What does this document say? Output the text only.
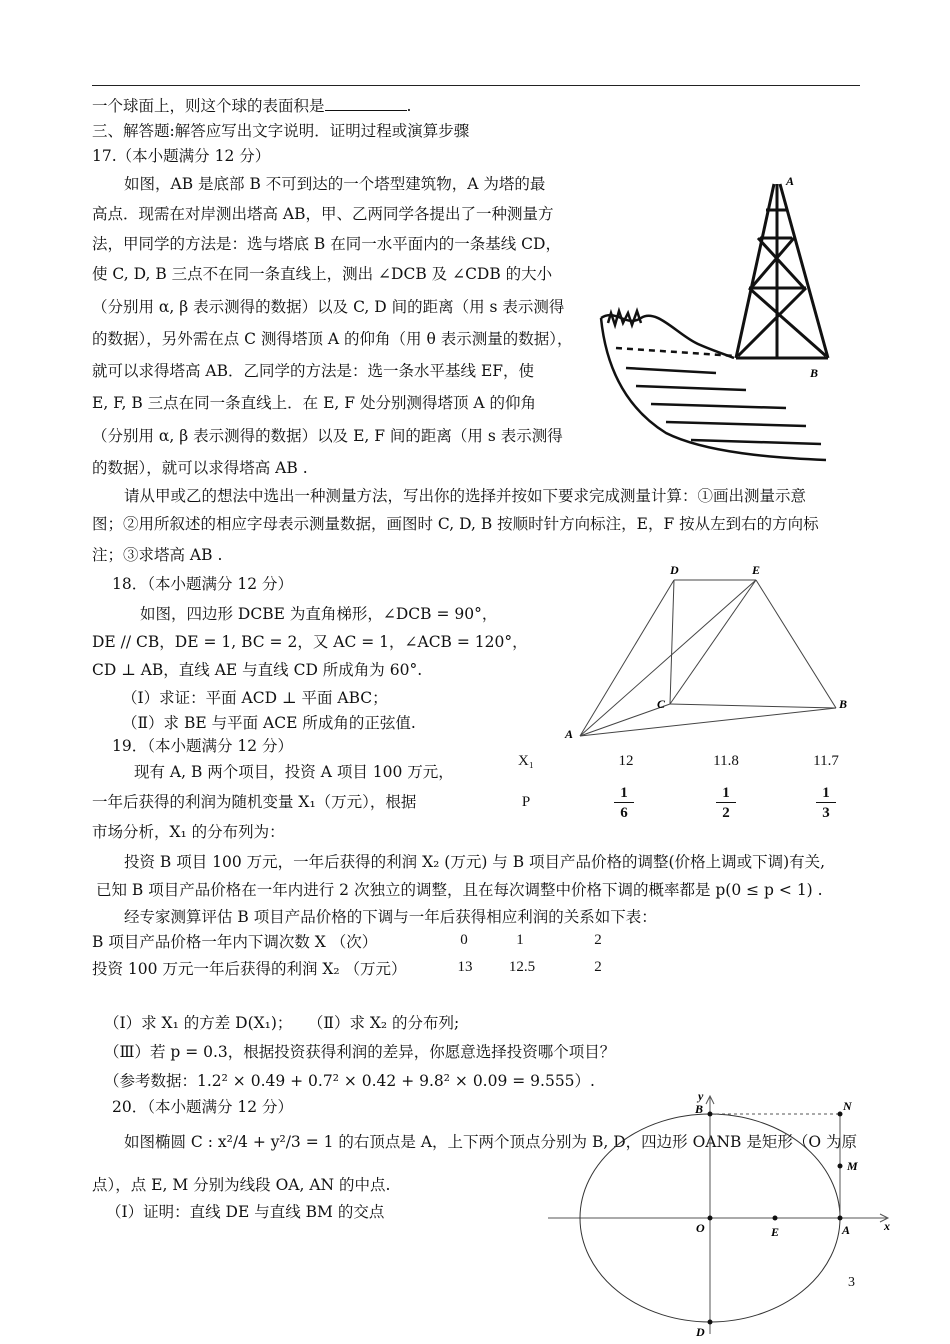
一个球面上，则这个球的表面积是	.
三、解答题:解答应写出文字说明．证明过程或演算步骤
17.（本小题满分 12 分）
如图，AB 是底部 B 不可到达的一个塔型建筑物，A 为塔的最
高点．现需在对岸测出塔高 AB，甲、乙两同学各提出了一种测量方
法，甲同学的方法是：选与塔底 B 在同一水平面内的一条基线 CD，
使 C, D, B 三点不在同一条直线上，测出 ∠DCB 及 ∠CDB 的大小
（分别用 α, β 表示测得的数据）以及 C, D 间的距离（用 s 表示测得
的数据），另外需在点 C 测得塔顶 A 的仰角（用 θ 表示测量的数据），
就可以求得塔高 AB．乙同学的方法是：选一条水平基线 EF，使
E, F, B 三点在同一条直线上．在 E, F 处分别测得塔顶 A 的仰角
（分别用 α, β 表示测得的数据）以及 E, F 间的距离（用 s 表示测得
的数据），就可以求得塔高 AB .
请从甲或乙的想法中选出一种测量方法，写出你的选择并按如下要求完成测量计算：①画出测量示意
图；②用所叙述的相应字母表示测量数据，画图时 C, D, B 按顺时针方向标注，E，F 按从左到右的方向标
注；③求塔高 AB .
A
B
18．（本小题满分 12 分）
如图，四边形 DCBE 为直角梯形，∠DCB = 90°，
DE // CB，DE = 1, BC = 2，又 AC = 1，∠ACB = 120°，
CD ⊥ AB，直线 AE 与直线 CD 所成角为 60°.
（Ⅰ）求证：平面 ACD ⊥ 平面 ABC；
（Ⅱ）求 BE 与平面 ACE 所成角的正弦值.
D	E
C	B
A
19．（本小题满分 12 分）
现有 A, B 两个项目，投资 A 项目 100 万元，
一年后获得的利润为随机变量 X₁（万元），根据
市场分析，X₁ 的分布列为：
X₁	12	11.8	11.7
P	$\frac{1}{6}$	$\frac{1}{2}$	$\frac{1}{3}$
投资 B 项目 100 万元，一年后获得的利润 X₂ (万元) 与 B 项目产品价格的调整(价格上调或下调)有关,
已知 B 项目产品价格在一年内进行 2 次独立的调整，且在每次调整中价格下调的概率都是 p(0 ≤ p < 1) .
经专家测算评估 B 项目产品价格的下调与一年后获得相应利润的关系如下表：
B 项目产品价格一年内下调次数 X （次）	0	1	2
投资 100 万元一年后获得的利润 X₂ （万元）	13	12.5	2
（Ⅰ）求 X₁ 的方差 D(X₁)；　　（Ⅱ）求 X₂ 的分布列;
（Ⅲ）若 p = 0.3，根据投资获得利润的差异，你愿意选择投资哪个项目？
（参考数据：1.2² × 0.49 + 0.7² × 0.42 + 9.8² × 0.09 = 9.555）.
20．（本小题满分 12 分）
如图椭圆 C : x²/4 + y²/3 = 1 的右顶点是 A，上下两个顶点分别为 B, D，四边形 OANB 是矩形（O 为原
点），点 E, M 分别为线段 OA, AN 的中点.
（Ⅰ）证明：直线 DE 与直线 BM 的交点
y
x
B	N
M
O	E	A
D
3
